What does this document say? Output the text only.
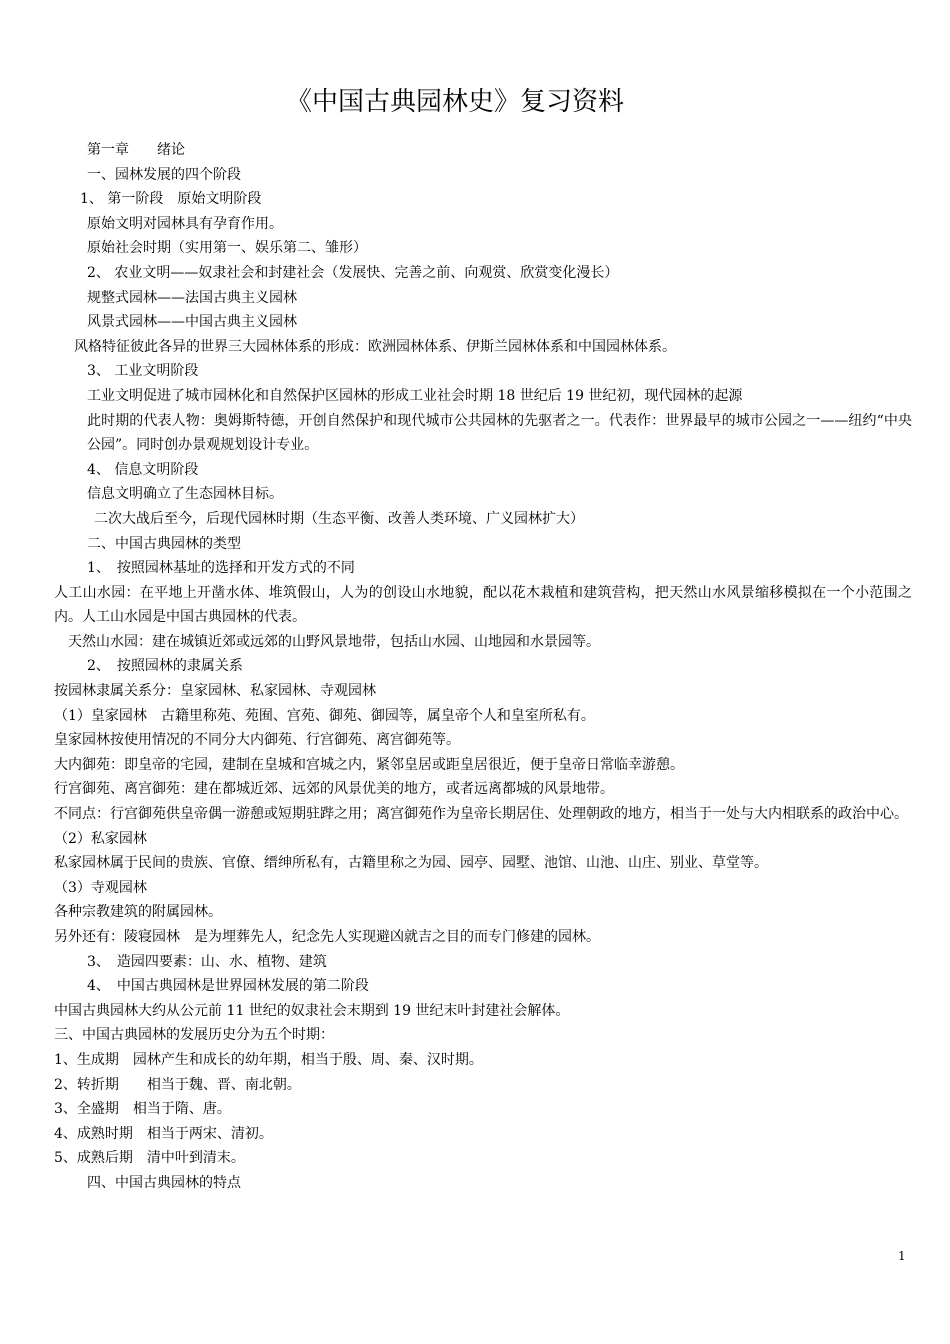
《中国古典园林史》复习资料
第一章　　绪论
一、园林发展的四个阶段
1、 第一阶段　原始文明阶段
原始文明对园林具有孕育作用。
原始社会时期（实用第一、娱乐第二、雏形）
2、 农业文明——奴隶社会和封建社会（发展快、完善之前、向观赏、欣赏变化漫长）
规整式园林——法国古典主义园林
风景式园林——中国古典主义园林
风格特征彼此各异的世界三大园林体系的形成：欧洲园林体系、伊斯兰园林体系和中国园林体系。
3、 工业文明阶段
工业文明促进了城市园林化和自然保护区园林的形成工业社会时期 18 世纪后 19 世纪初，现代园林的起源
此时期的代表人物：奥姆斯特德，开创自然保护和现代城市公共园林的先驱者之一。代表作：世界最早的城市公园之一——纽约“中央公园”。同时创办景观规划设计专业。
4、 信息文明阶段
信息文明确立了生态园林目标。
二次大战后至今，后现代园林时期（生态平衡、改善人类环境、广义园林扩大）
二、中国古典园林的类型
1、　按照园林基址的选择和开发方式的不同
人工山水园：在平地上开凿水体、堆筑假山，人为的创设山水地貌，配以花木栽植和建筑营构，把天然山水风景缩移模拟在一个小范围之内。人工山水园是中国古典园林的代表。
天然山水园：建在城镇近郊或远郊的山野风景地带，包括山水园、山地园和水景园等。
2、　按照园林的隶属关系
按园林隶属关系分：皇家园林、私家园林、寺观园林
（1）皇家园林　古籍里称苑、苑囿、宫苑、御苑、御园等，属皇帝个人和皇室所私有。
皇家园林按使用情况的不同分大内御苑、行宫御苑、离宫御苑等。
大内御苑：即皇帝的宅园，建制在皇城和宫城之内，紧邻皇居或距皇居很近，便于皇帝日常临幸游憩。
行宫御苑、离宫御苑：建在都城近郊、远郊的风景优美的地方，或者远离都城的风景地带。
不同点：行宫御苑供皇帝偶一游憩或短期驻跸之用；离宫御苑作为皇帝长期居住、处理朝政的地方，相当于一处与大内相联系的政治中心。
（2）私家园林
私家园林属于民间的贵族、官僚、缙绅所私有，古籍里称之为园、园亭、园墅、池馆、山池、山庄、别业、草堂等。
（3）寺观园林
各种宗教建筑的附属园林。
另外还有：陵寝园林　是为埋葬先人，纪念先人实现避凶就吉之目的而专门修建的园林。
3、　造园四要素：山、水、植物、建筑
4、　中国古典园林是世界园林发展的第二阶段
中国古典园林大约从公元前 11 世纪的奴隶社会末期到 19 世纪末叶封建社会解体。
三、中国古典园林的发展历史分为五个时期：
1、生成期　园林产生和成长的幼年期，相当于殷、周、秦、汉时期。
2、转折期　　相当于魏、晋、南北朝。
3、全盛期　相当于隋、唐。
4、成熟时期　相当于两宋、清初。
5、成熟后期　清中叶到清末。
四、中国古典园林的特点
1
